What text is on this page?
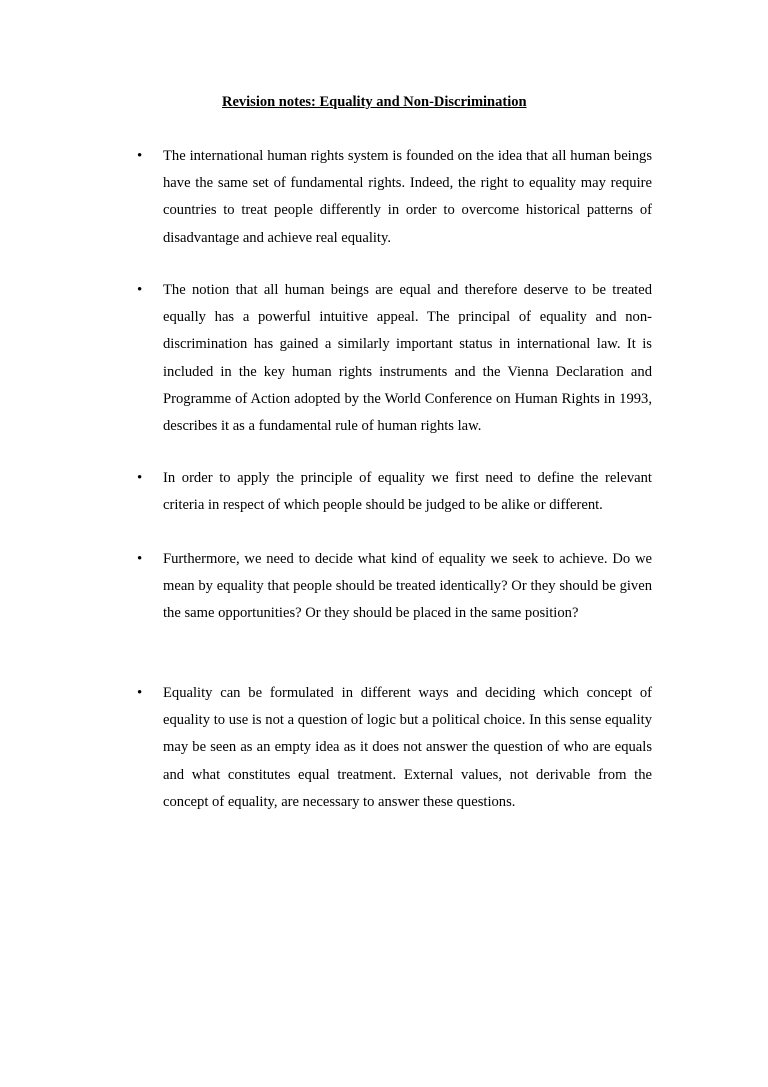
Revision notes: Equality and Non-Discrimination
• The international human rights system is founded on the idea that all human beings have the same set of fundamental rights. Indeed, the right to equality may require countries to treat people differently in order to overcome historical patterns of disadvantage and achieve real equality.
• The notion that all human beings are equal and therefore deserve to be treated equally has a powerful intuitive appeal. The principal of equality and non-discrimination has gained a similarly important status in international law. It is included in the key human rights instruments and the Vienna Declaration and Programme of Action adopted by the World Conference on Human Rights in 1993, describes it as a fundamental rule of human rights law.
• In order to apply the principle of equality we first need to define the relevant criteria in respect of which people should be judged to be alike or different.
• Furthermore, we need to decide what kind of equality we seek to achieve. Do we mean by equality that people should be treated identically? Or they should be given the same opportunities? Or they should be placed in the same position?
• Equality can be formulated in different ways and deciding which concept of equality to use is not a question of logic but a political choice. In this sense equality may be seen as an empty idea as it does not answer the question of who are equals and what constitutes equal treatment. External values, not derivable from the concept of equality, are necessary to answer these questions.
